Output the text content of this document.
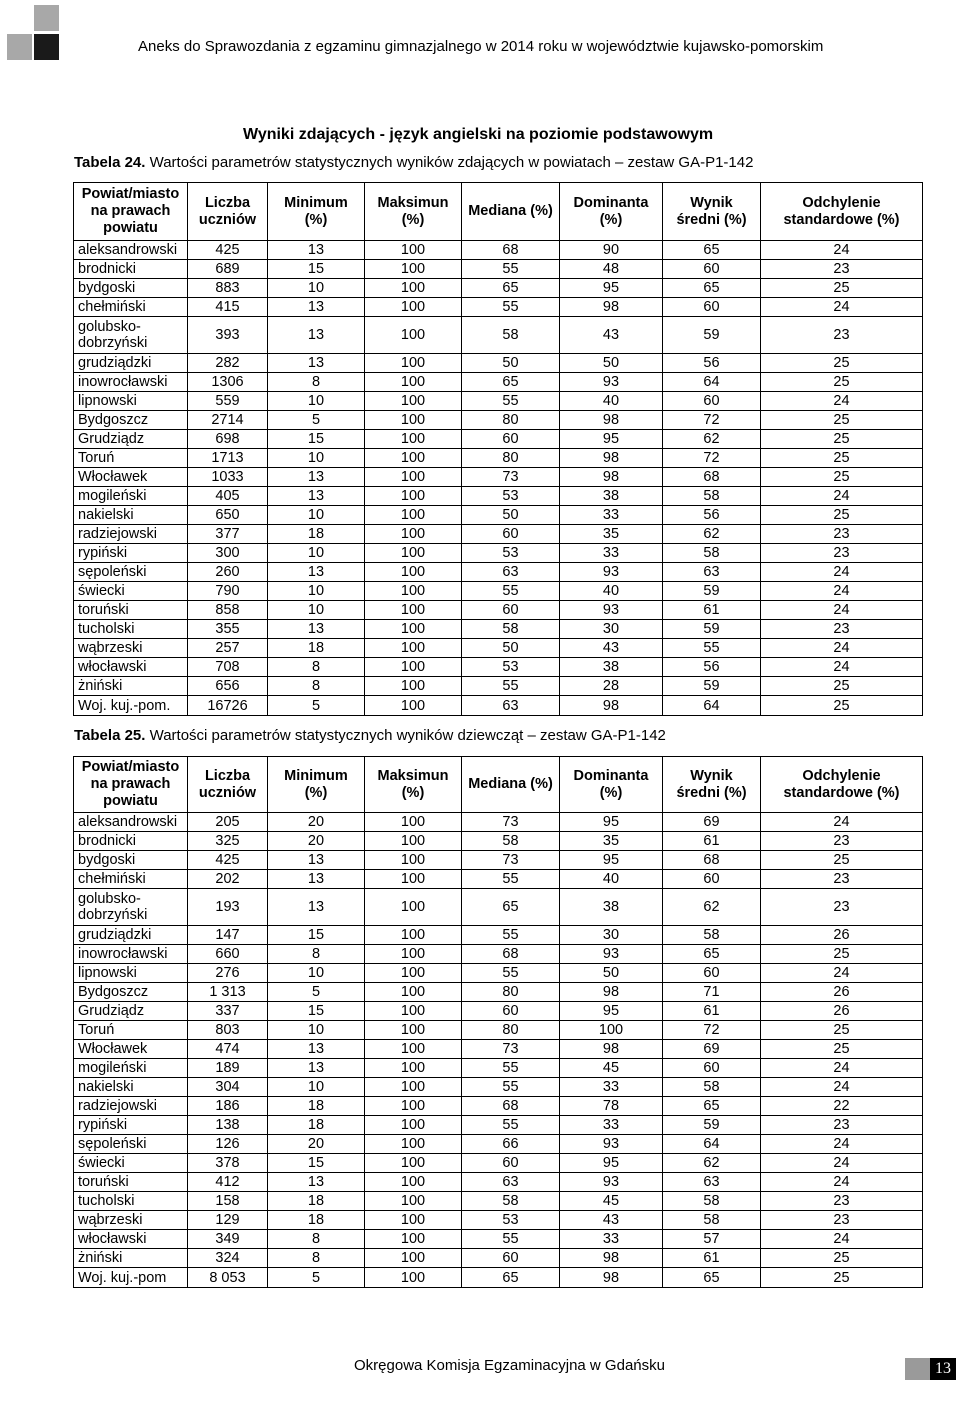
Aneks do Sprawozdania z egzaminu gimnazjalnego w 2014 roku w województwie kujawsko-pomorskim
Wyniki zdających - język angielski na poziomie podstawowym
Tabela 24. Wartości parametrów statystycznych wyników zdających w powiatach – zestaw GA-P1-142
Powiat/miasto na prawach powiatu	Liczba uczniów	Minimum (%)	Maksimun (%)	Mediana (%)	Dominanta (%)	Wynik średni (%)	Odchylenie standardowe (%)
aleksandrowski	425	13	100	68	90	65	24
brodnicki	689	15	100	55	48	60	23
bydgoski	883	10	100	65	95	65	25
chełmiński	415	13	100	55	98	60	24
golubsko-dobrzyński	393	13	100	58	43	59	23
grudziądzki	282	13	100	50	50	56	25
inowrocławski	1306	8	100	65	93	64	25
lipnowski	559	10	100	55	40	60	24
Bydgoszcz	2714	5	100	80	98	72	25
Grudziądz	698	15	100	60	95	62	25
Toruń	1713	10	100	80	98	72	25
Włocławek	1033	13	100	73	98	68	25
mogileński	405	13	100	53	38	58	24
nakielski	650	10	100	50	33	56	25
radziejowski	377	18	100	60	35	62	23
rypiński	300	10	100	53	33	58	23
sępoleński	260	13	100	63	93	63	24
świecki	790	10	100	55	40	59	24
toruński	858	10	100	60	93	61	24
tucholski	355	13	100	58	30	59	23
wąbrzeski	257	18	100	50	43	55	24
włocławski	708	8	100	53	38	56	24
żniński	656	8	100	55	28	59	25
Woj. kuj.-pom.	16726	5	100	63	98	64	25
Tabela 25. Wartości parametrów statystycznych wyników dziewcząt – zestaw GA-P1-142
Powiat/miasto na prawach powiatu	Liczba uczniów	Minimum (%)	Maksimun (%)	Mediana (%)	Dominanta (%)	Wynik średni (%)	Odchylenie standardowe (%)
aleksandrowski	205	20	100	73	95	69	24
brodnicki	325	20	100	58	35	61	23
bydgoski	425	13	100	73	95	68	25
chełmiński	202	13	100	55	40	60	23
golubsko-dobrzyński	193	13	100	65	38	62	23
grudziądzki	147	15	100	55	30	58	26
inowrocławski	660	8	100	68	93	65	25
lipnowski	276	10	100	55	50	60	24
Bydgoszcz	1 313	5	100	80	98	71	26
Grudziądz	337	15	100	60	95	61	26
Toruń	803	10	100	80	100	72	25
Włocławek	474	13	100	73	98	69	25
mogileński	189	13	100	55	45	60	24
nakielski	304	10	100	55	33	58	24
radziejowski	186	18	100	68	78	65	22
rypiński	138	18	100	55	33	59	23
sępoleński	126	20	100	66	93	64	24
świecki	378	15	100	60	95	62	24
toruński	412	13	100	63	93	63	24
tucholski	158	18	100	58	45	58	23
wąbrzeski	129	18	100	53	43	58	23
włocławski	349	8	100	55	33	57	24
żniński	324	8	100	60	98	61	25
Woj. kuj.-pom	8 053	5	100	65	98	65	25
Okręgowa Komisja Egzaminacyjna w Gdańsku	13
